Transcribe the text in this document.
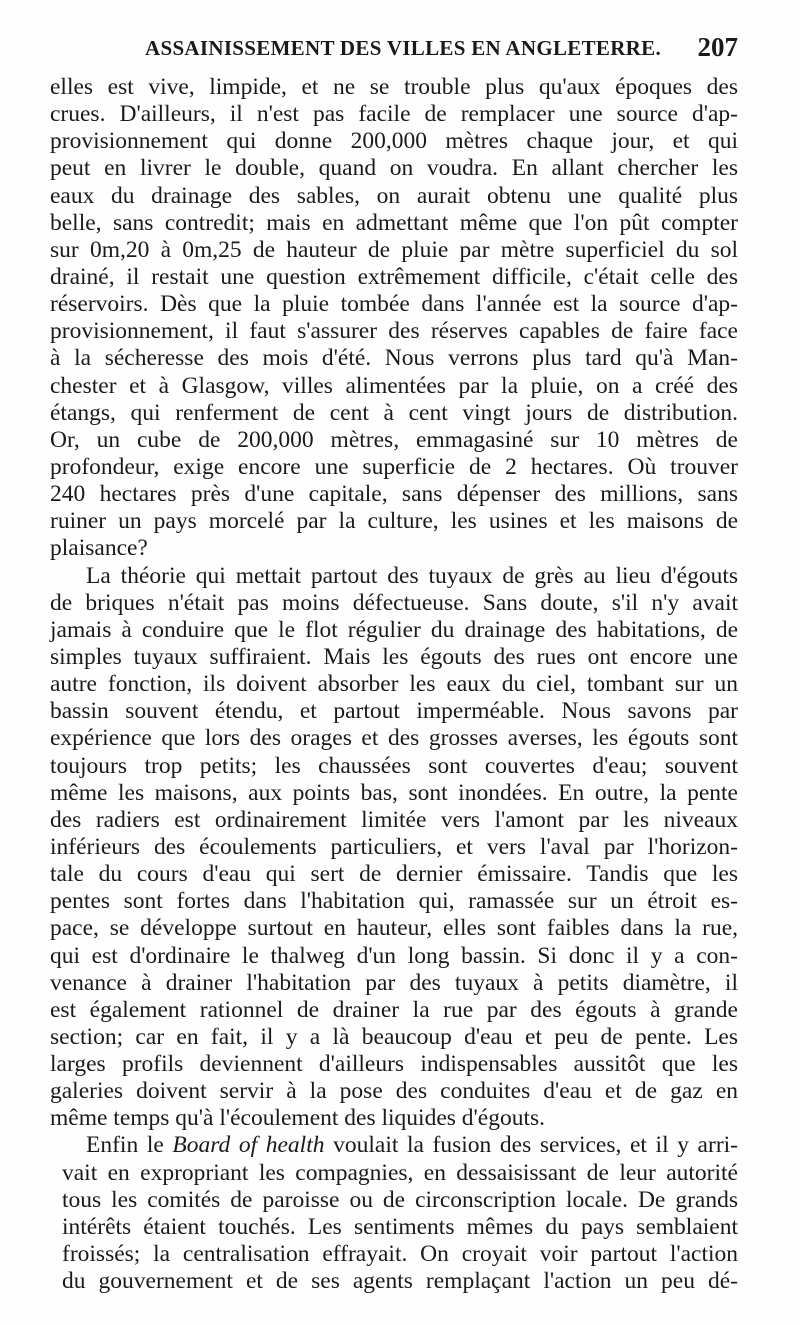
ASSAINISSEMENT DES VILLES EN ANGLETERRE. 207
elles est vive, limpide, et ne se trouble plus qu'aux époques des
crues. D'ailleurs, il n'est pas facile de remplacer une source d'ap-
provisionnement qui donne 200,000 mètres chaque jour, et qui
peut en livrer le double, quand on voudra. En allant chercher les
eaux du drainage des sables, on aurait obtenu une qualité plus
belle, sans contredit; mais en admettant même que l'on pût compter
sur 0m,20 à 0m,25 de hauteur de pluie par mètre superficiel du sol
drainé, il restait une question extrêmement difficile, c'était celle des
réservoirs. Dès que la pluie tombée dans l'année est la source d'ap-
provisionnement, il faut s'assurer des réserves capables de faire face
à la sécheresse des mois d'été. Nous verrons plus tard qu'à Man-
chester et à Glasgow, villes alimentées par la pluie, on a créé des
étangs, qui renferment de cent à cent vingt jours de distribution.
Or, un cube de 200,000 mètres, emmagasiné sur 10 mètres de
profondeur, exige encore une superficie de 2 hectares. Où trouver
240 hectares près d'une capitale, sans dépenser des millions, sans
ruiner un pays morcelé par la culture, les usines et les maisons de
plaisance?
La théorie qui mettait partout des tuyaux de grès au lieu d'égouts
de briques n'était pas moins défectueuse. Sans doute, s'il n'y avait
jamais à conduire que le flot régulier du drainage des habitations, de
simples tuyaux suffiraient. Mais les égouts des rues ont encore une
autre fonction, ils doivent absorber les eaux du ciel, tombant sur un
bassin souvent étendu, et partout imperméable. Nous savons par
expérience que lors des orages et des grosses averses, les égouts sont
toujours trop petits; les chaussées sont couvertes d'eau; souvent
même les maisons, aux points bas, sont inondées. En outre, la pente
des radiers est ordinairement limitée vers l'amont par les niveaux
inférieurs des écoulements particuliers, et vers l'aval par l'horizon-
tale du cours d'eau qui sert de dernier émissaire. Tandis que les
pentes sont fortes dans l'habitation qui, ramassée sur un étroit es-
pace, se développe surtout en hauteur, elles sont faibles dans la rue,
qui est d'ordinaire le thalweg d'un long bassin. Si donc il y a con-
venance à drainer l'habitation par des tuyaux à petits diamètre, il
est également rationnel de drainer la rue par des égouts à grande
section; car en fait, il y a là beaucoup d'eau et peu de pente. Les
larges profils deviennent d'ailleurs indispensables aussitôt que les
galeries doivent servir à la pose des conduites d'eau et de gaz en
même temps qu'à l'écoulement des liquides d'égouts.
Enfin le Board of health voulait la fusion des services, et il y arri-
vait en expropriant les compagnies, en dessaisissant de leur autorité
tous les comités de paroisse ou de circonscription locale. De grands
intérêts étaient touchés. Les sentiments mêmes du pays semblaient
froissés; la centralisation effrayait. On croyait voir partout l'action
du gouvernement et de ses agents remplaçant l'action un peu dé-
